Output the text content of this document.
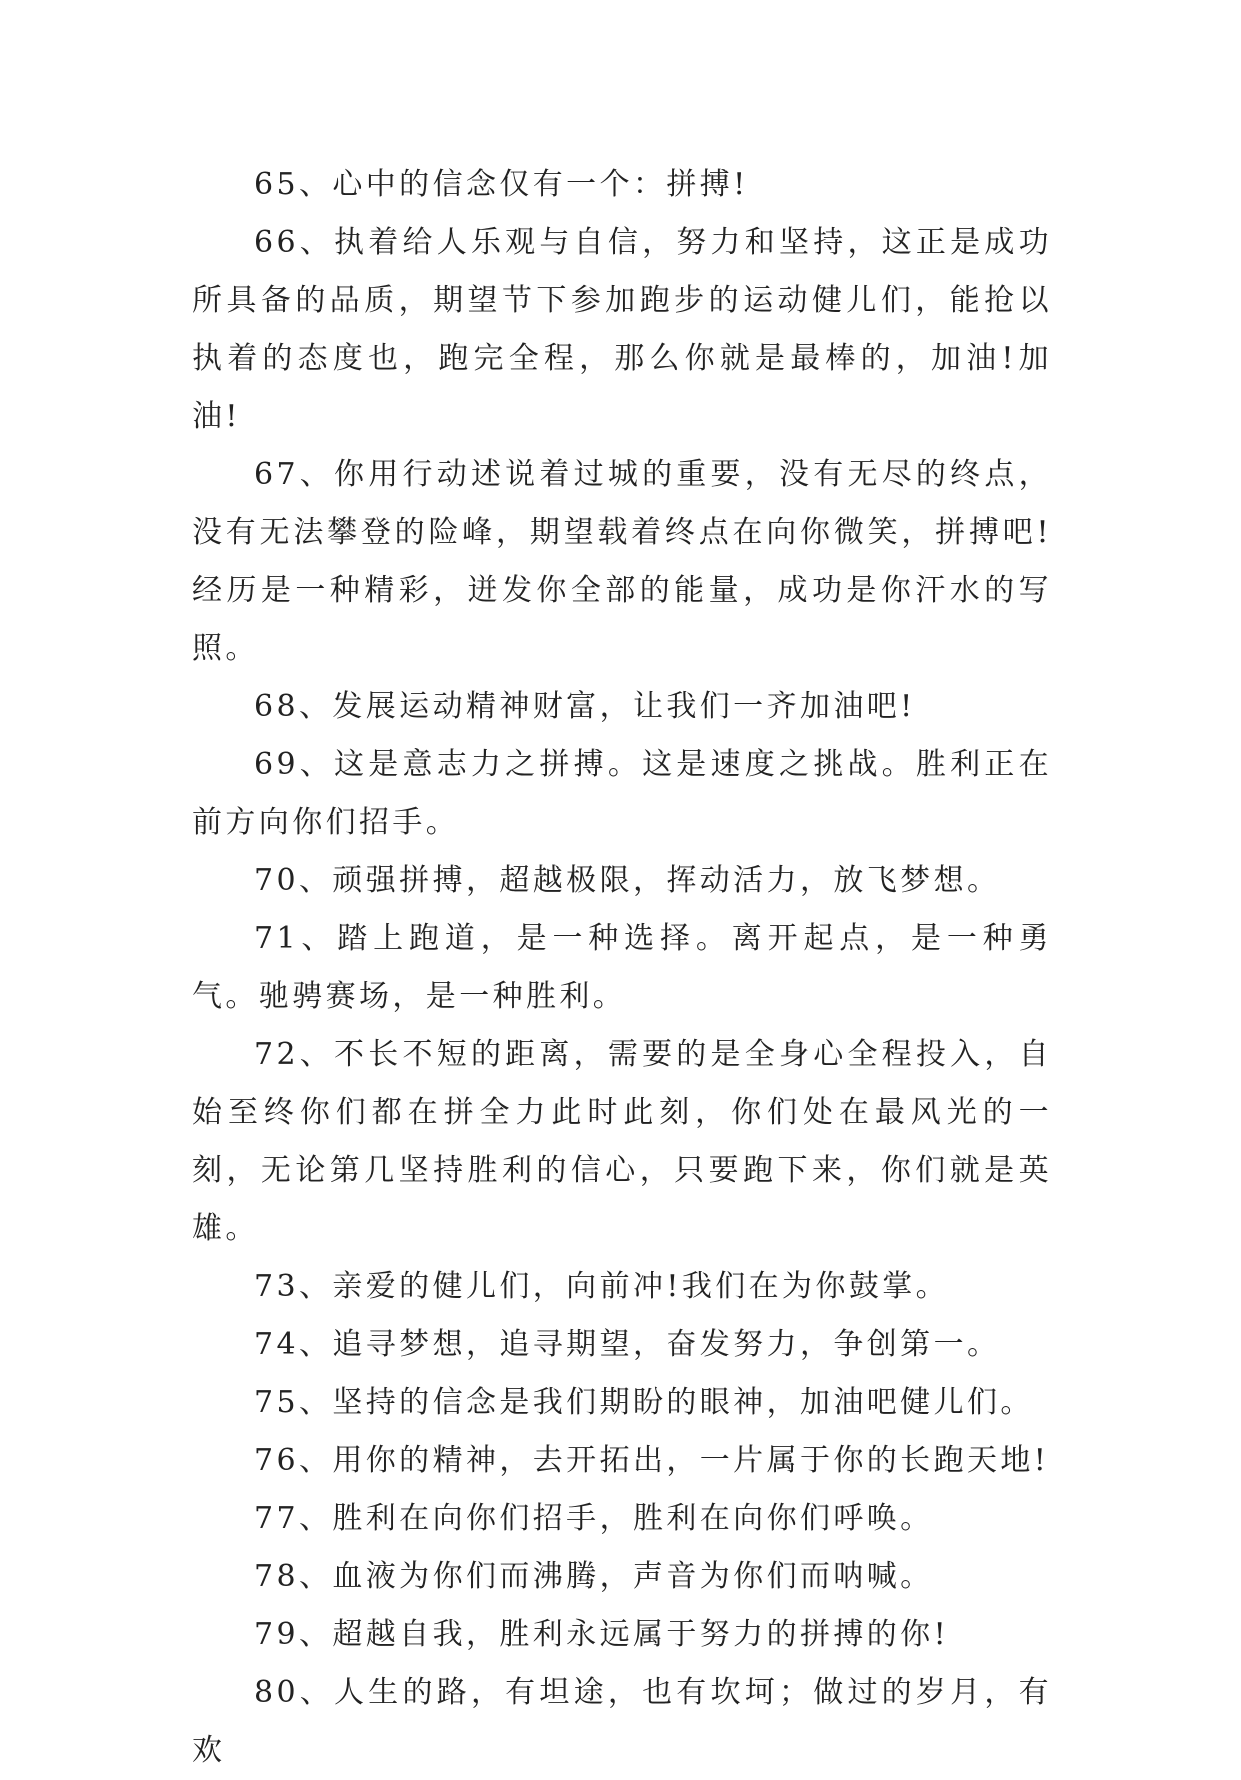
65、心中的信念仅有一个：拼搏!

66、执着给人乐观与自信，努力和坚持，这正是成功所具备的品质，期望节下参加跑步的运动健儿们，能抢以执着的态度也，跑完全程，那么你就是最棒的，加油!加油!

67、你用行动述说着过城的重要，没有无尽的终点，没有无法攀登的险峰，期望载着终点在向你微笑，拼搏吧!经历是一种精彩，迸发你全部的能量，成功是你汗水的写照。

68、发展运动精神财富，让我们一齐加油吧!

69、这是意志力之拼搏。这是速度之挑战。胜利正在前方向你们招手。

70、顽强拼搏，超越极限，挥动活力，放飞梦想。

71、踏上跑道，是一种选择。离开起点，是一种勇气。驰骋赛场，是一种胜利。

72、不长不短的距离，需要的是全身心全程投入，自始至终你们都在拼全力此时此刻，你们处在最风光的一刻，无论第几坚持胜利的信心，只要跑下来，你们就是英雄。

73、亲爱的健儿们，向前冲!我们在为你鼓掌。

74、追寻梦想，追寻期望，奋发努力，争创第一。

75、坚持的信念是我们期盼的眼神，加油吧健儿们。

76、用你的精神，去开拓出，一片属于你的长跑天地!

77、胜利在向你们招手，胜利在向你们呼唤。

78、血液为你们而沸腾，声音为你们而呐喊。

79、超越自我，胜利永远属于努力的拼搏的你!

80、人生的路，有坦途，也有坎坷；做过的岁月，有欢
